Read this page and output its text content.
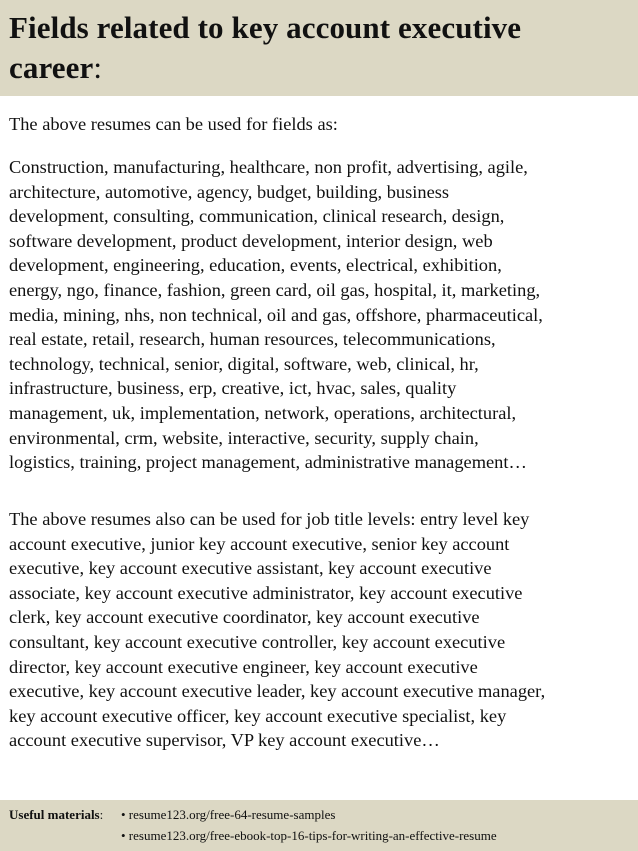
Fields related to key account executive
career:

The above resumes can be used for fields as:

Construction, manufacturing, healthcare, non profit, advertising, agile,
architecture, automotive, agency, budget, building, business
development, consulting, communication, clinical research, design,
software development, product development, interior design, web
development, engineering, education, events, electrical, exhibition,
energy, ngo, finance, fashion, green card, oil gas, hospital, it, marketing,
media, mining, nhs, non technical, oil and gas, offshore, pharmaceutical,
real estate, retail, research, human resources, telecommunications,
technology, technical, senior, digital, software, web, clinical, hr,
infrastructure, business, erp, creative, ict, hvac, sales, quality
management, uk, implementation, network, operations, architectural,
environmental, crm, website, interactive, security, supply chain,
logistics, training, project management, administrative management…

The above resumes also can be used for job title levels: entry level key
account executive, junior key account executive, senior key account
executive, key account executive assistant, key account executive
associate, key account executive administrator, key account executive
clerk, key account executive coordinator, key account executive
consultant, key account executive controller, key account executive
director, key account executive engineer, key account executive
executive, key account executive leader, key account executive manager,
key account executive officer, key account executive specialist, key
account executive supervisor, VP key account executive…

Useful materials: • resume123.org/free-64-resume-samples
• resume123.org/free-ebook-top-16-tips-for-writing-an-effective-resume
